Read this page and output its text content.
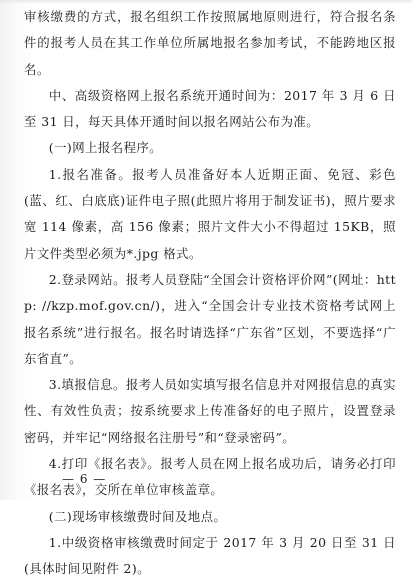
审核缴费的方式，报名组织工作按照属地原则进行，符合报名条件的报考人员在其工作单位所属地报名参加考试，不能跨地区报名。

中、高级资格网上报名系统开通时间为：2017 年 3 月 6 日至 31 日，每天具体开通时间以报名网站公布为准。

(一)网上报名程序。

1.报名准备。报考人员准备好本人近期正面、免冠、彩色(蓝、红、白底底)证件电子照(此照片将用于制发证书)，照片要求宽 114 像素，高 156 像素；照片文件大小不得超过 15KB，照片文件类型必须为*.jpg 格式。

2.登录网站。报考人员登陆“全国会计资格评价网”(网址：http: //kzp.mof.gov.cn/)，进入“全国会计专业技术资格考试网上报名系统”进行报名。报名时请选择“广东省”区划，不要选择“广东省直”。

3.填报信息。报考人员如实填写报名信息并对网报信息的真实性、有效性负责；按系统要求上传准备好的电子照片，设置登录密码，并牢记“网络报名注册号”和“登录密码”。

4.打印《报名表》。报考人员在网上报名成功后，请务必打印《报名表》，交所在单位审核盖章。

(二)现场审核缴费时间及地点。

1.中级资格审核缴费时间定于 2017 年 3 月 20 日至 31 日(具体时间见附件 2)。

— 6 —
